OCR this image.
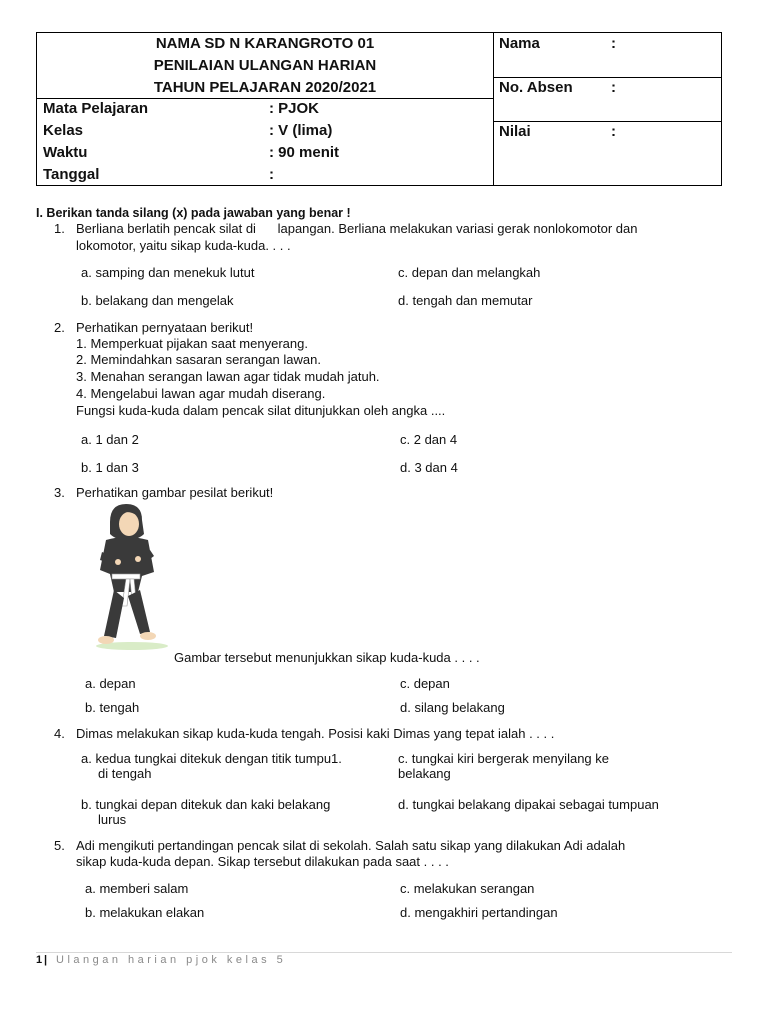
NAMA SD N KARANGROTO 01
PENILAIAN ULANGAN HARIAN
TAHUN PELAJARAN 2020/2021
Mata Pelajaran	: PJOK
Kelas	: V (lima)
Waktu	: 90 menit
Tanggal	:
Nama	:
No. Absen	:
Nilai	:
I. Berikan tanda silang (x) pada jawaban yang benar !
1. Berliana berlatih pencak silat di      lapangan. Berliana melakukan variasi gerak nonlokomotor dan
lokomotor, yaitu sikap kuda-kuda. . . .
a. samping dan menekuk lutut	c. depan dan melangkah
b. belakang dan mengelak	d. tengah dan memutar
2. Perhatikan pernyataan berikut!
1. Memperkuat pijakan saat menyerang.
2. Memindahkan sasaran serangan lawan.
3. Menahan serangan lawan agar tidak mudah jatuh.
4. Mengelabui lawan agar mudah diserang.
Fungsi kuda-kuda dalam pencak silat ditunjukkan oleh angka ....
a. 1 dan 2	c. 2 dan 4
b. 1 dan 3	d. 3 dan 4
3. Perhatikan gambar pesilat berikut!
Gambar tersebut menunjukkan sikap kuda-kuda . . . .
a. depan	c. depan
b. tengah	d. silang belakang
4. Dimas melakukan sikap kuda-kuda tengah. Posisi kaki Dimas yang tepat ialah . . . .
a. kedua tungkai ditekuk dengan titik tumpu1.
di tengah
c. tungkai kiri bergerak menyilang ke
belakang
b. tungkai depan ditekuk dan kaki belakang
lurus
d. tungkai belakang dipakai sebagai tumpuan
5. Adi mengikuti pertandingan pencak silat di sekolah. Salah satu sikap yang dilakukan Adi adalah
sikap kuda-kuda depan. Sikap tersebut dilakukan pada saat . . . .
a. memberi salam	c. melakukan serangan
b. melakukan elakan	d. mengakhiri pertandingan
1 | Ulangan harian pjok kelas 5
